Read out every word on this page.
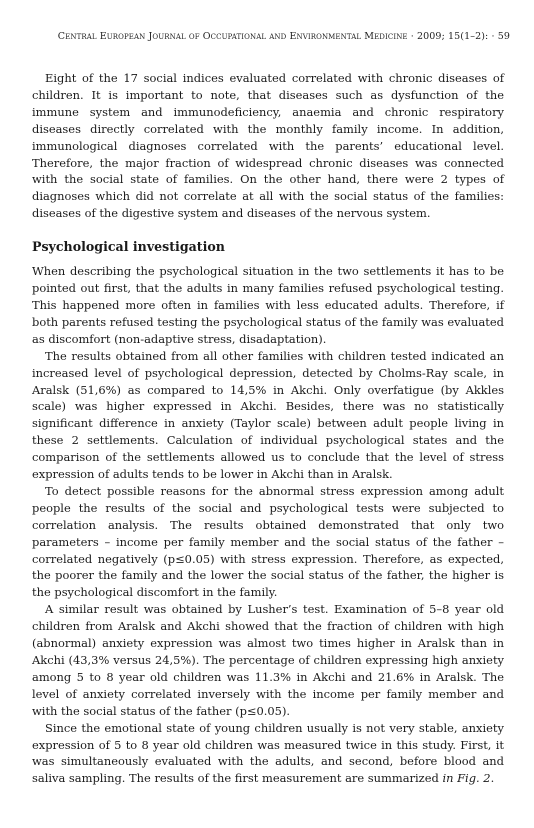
Central European Journal of Occupational and Environmental Medicine · 2009; 15(1–2): · 59

Eight of the 17 social indices evaluated correlated with chronic diseases of children. It is important to note, that diseases such as dysfunction of the immune system and immunodeficiency, anaemia and chronic respiratory diseases directly correlated with the monthly family income. In addition, immunological diagnoses correlated with the parents’ educational level. Therefore, the major fraction of widespread chronic diseases was connected with the social state of families. On the other hand, there were 2 types of diagnoses which did not correlate at all with the social status of the families: diseases of the digestive system and diseases of the nervous system.

Psychological investigation

When describing the psychological situation in the two settlements it has to be pointed out first, that the adults in many families refused psychological testing. This happened more often in families with less educated adults. Therefore, if both parents refused testing the psychological status of the family was evaluated as discomfort (non-adaptive stress, disadaptation).

The results obtained from all other families with children tested indicated an increased level of psychological depression, detected by Cholms-Ray scale, in Aralsk (51,6%) as compared to 14,5% in Akchi. Only overfatigue (by Akkles scale) was higher expressed in Akchi. Besides, there was no statistically significant difference in anxiety (Taylor scale) between adult people living in these 2 settlements. Calculation of individual psychological states and the comparison of the settlements allowed us to conclude that the level of stress expression of adults tends to be lower in Akchi than in Aralsk.

To detect possible reasons for the abnormal stress expression among adult people the results of the social and psychological tests were subjected to correlation analysis. The results obtained demonstrated that only two parameters – income per family member and the social status of the father – correlated negatively (p≤0.05) with stress expression. Therefore, as expected, the poorer the family and the lower the social status of the father, the higher is the psychological discomfort in the family.

A similar result was obtained by Lusher’s test. Examination of 5–8 year old children from Aralsk and Akchi showed that the fraction of children with high (abnormal) anxiety expression was almost two times higher in Aralsk than in Akchi (43,3% versus 24,5%). The percentage of children expressing high anxiety among 5 to 8 year old children was 11.3% in Akchi and 21.6% in Aralsk. The level of anxiety correlated inversely with the income per family member and with the social status of the father (p≤0.05).

Since the emotional state of young children usually is not very stable, anxiety expression of 5 to 8 year old children was measured twice in this study. First, it was simultaneously evaluated with the adults, and second, before blood and saliva sampling. The results of the first measurement are summarized in Fig. 2.
